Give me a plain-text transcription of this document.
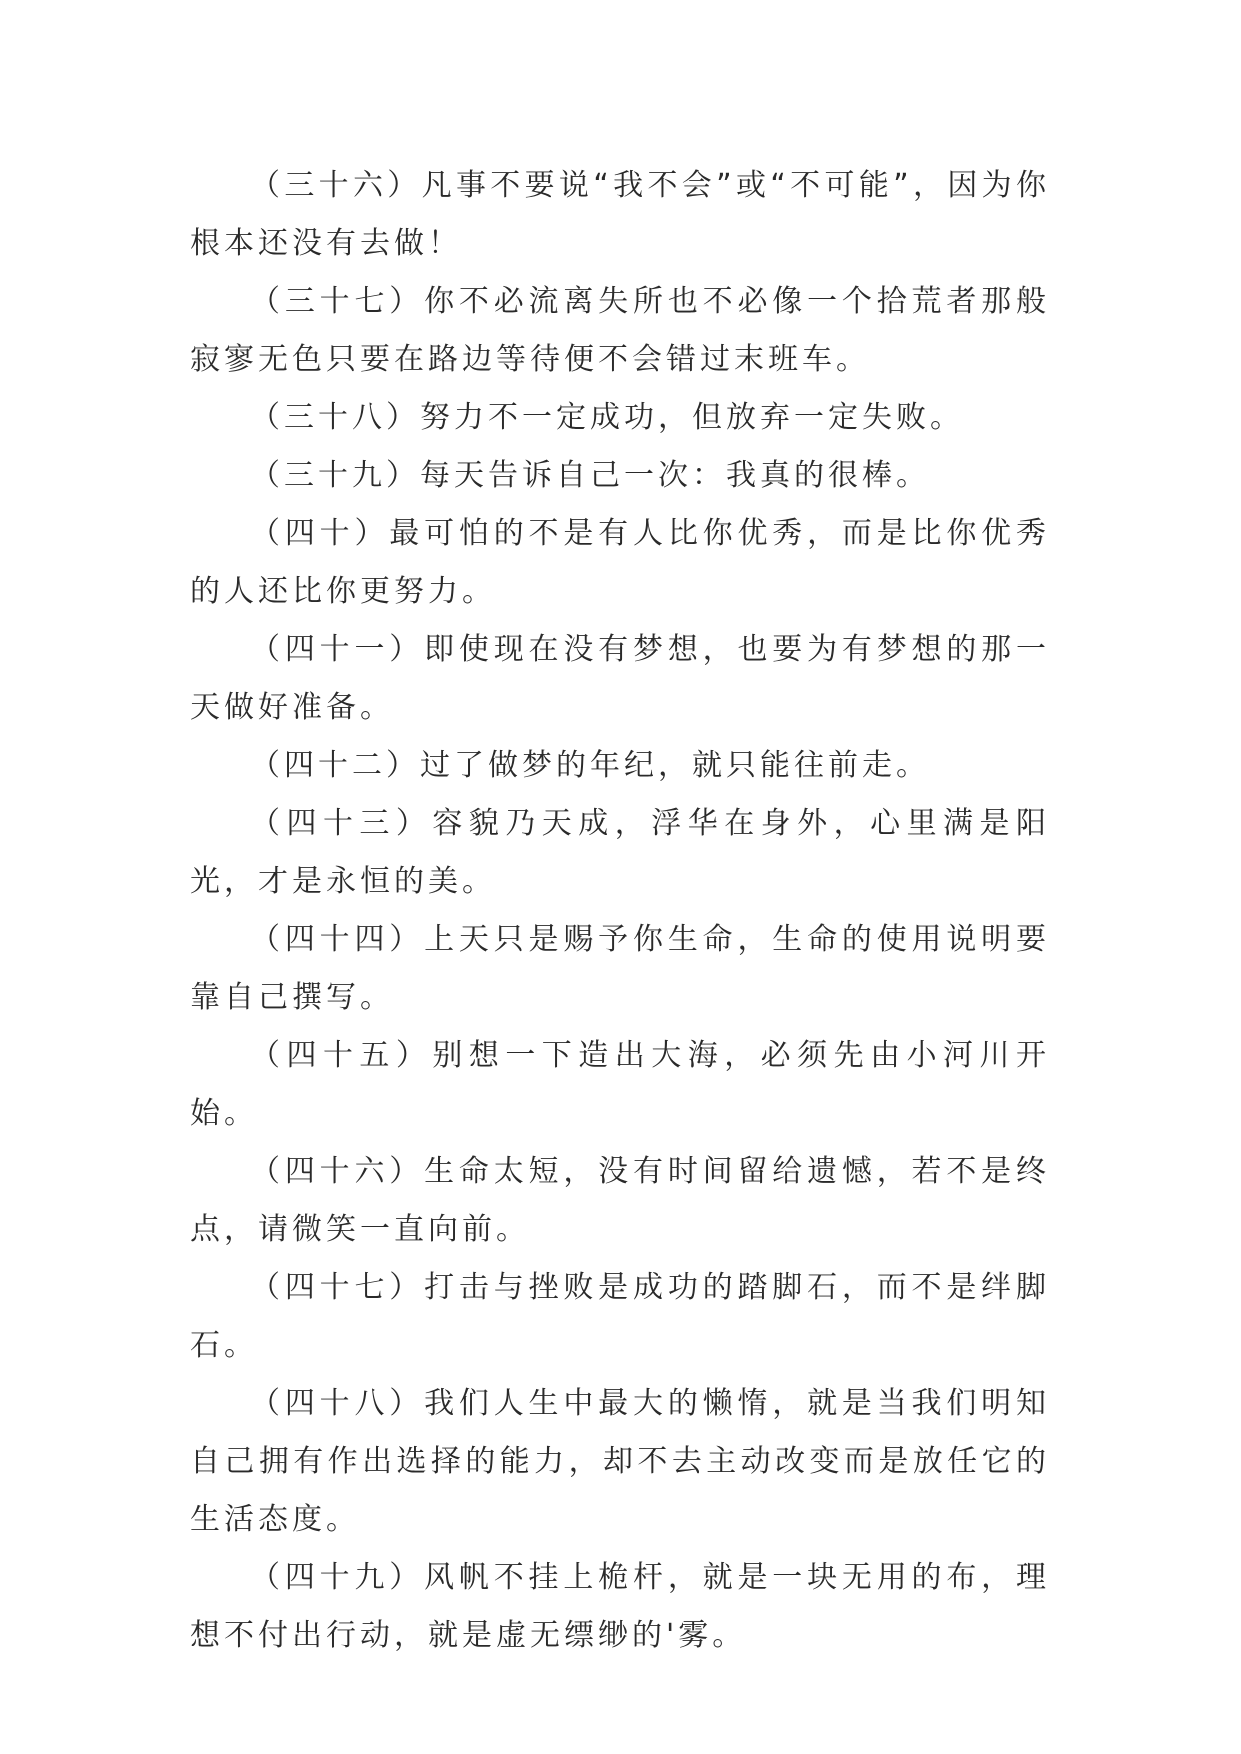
（三十六）凡事不要说“我不会”或“不可能”，因为你根本还没有去做！

（三十七）你不必流离失所也不必像一个拾荒者那般寂寥无色只要在路边等待便不会错过末班车。

（三十八）努力不一定成功，但放弃一定失败。

（三十九）每天告诉自己一次：我真的很棒。

（四十）最可怕的不是有人比你优秀，而是比你优秀的人还比你更努力。

（四十一）即使现在没有梦想，也要为有梦想的那一天做好准备。

（四十二）过了做梦的年纪，就只能往前走。

（四十三）容貌乃天成，浮华在身外，心里满是阳光，才是永恒的美。

（四十四）上天只是赐予你生命，生命的使用说明要靠自己撰写。

（四十五）别想一下造出大海，必须先由小河川开始。

（四十六）生命太短，没有时间留给遗憾，若不是终点，请微笑一直向前。

（四十七）打击与挫败是成功的踏脚石，而不是绊脚石。

（四十八）我们人生中最大的懒惰，就是当我们明知自己拥有作出选择的能力，却不去主动改变而是放任它的生活态度。

（四十九）风帆不挂上桅杆，就是一块无用的布，理想不付出行动，就是虚无缥缈的'雾。
